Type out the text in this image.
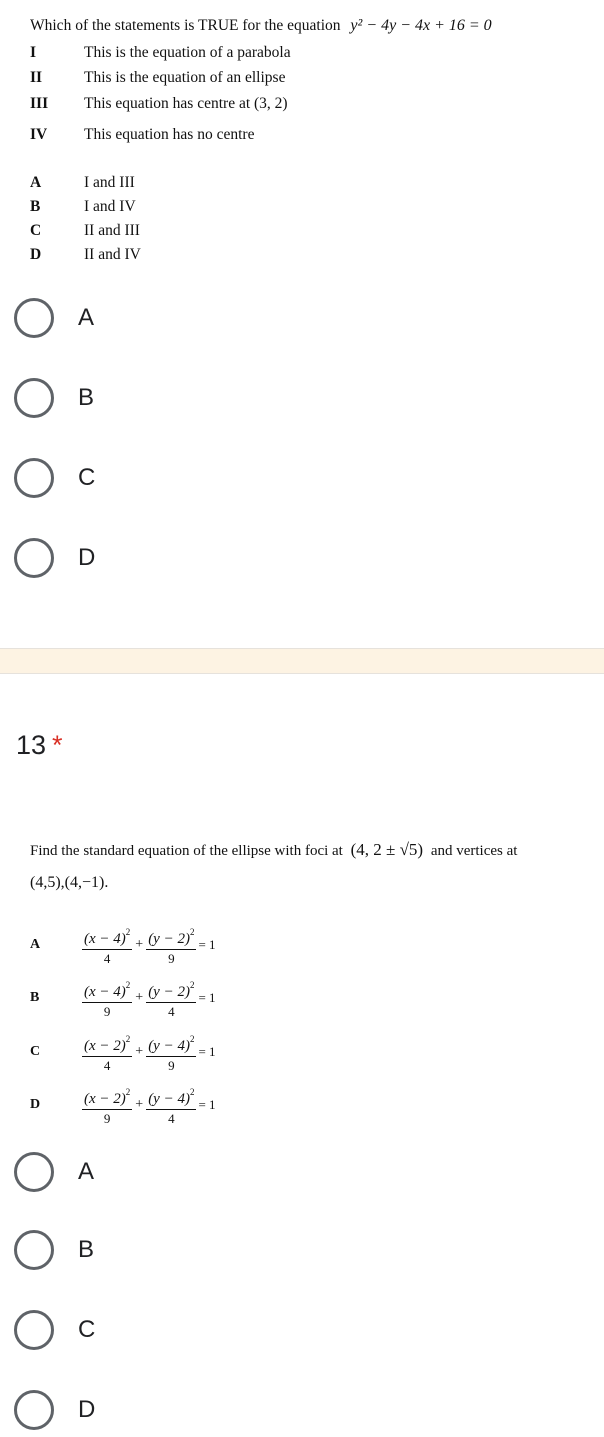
Which of the statements is TRUE for the equation y² − 4y − 4x + 16 = 0
I	This is the equation of a parabola
II	This is the equation of an ellipse
III This equation has centre at (3, 2)
IV This equation has no centre
A	I and III
B	I and IV
C	II and III
D	II and IV
A
B
C
D
13 *
Find the standard equation of the ellipse with foci at (4, 2 ± √5) and vertices at
(4,5),(4,−1).
A	$\frac{(x - 4)^2}{4} + \frac{(y - 2)^2}{9} = 1$
B	$\frac{(x - 4)^2}{9} + \frac{(y - 2)^2}{4} = 1$
C	$\frac{(x - 2)^2}{4} + \frac{(y - 4)^2}{9} = 1$
D	$\frac{(x - 2)^2}{9} + \frac{(y - 4)^2}{4} = 1$
A
B
C
D
